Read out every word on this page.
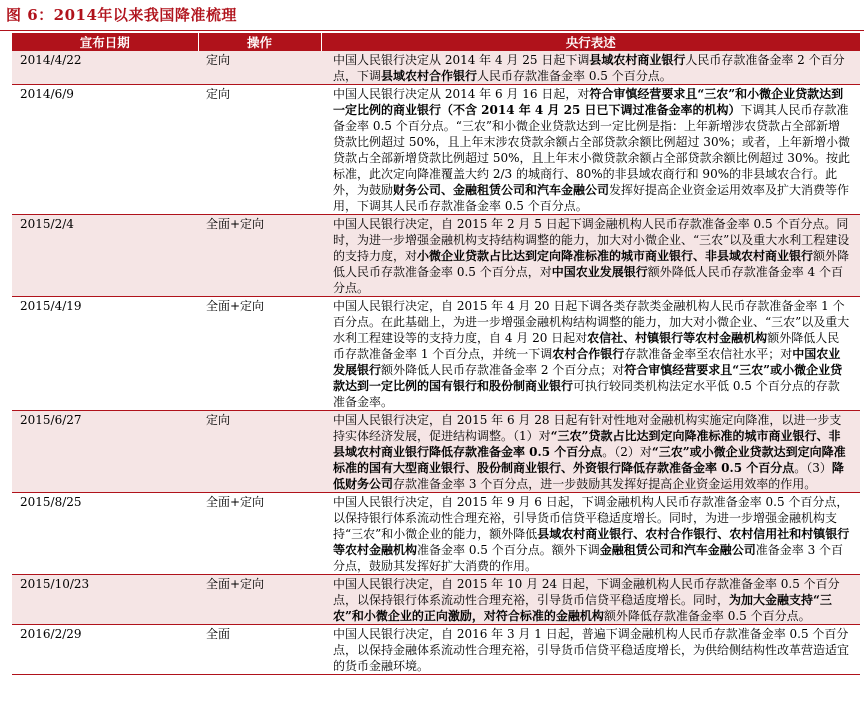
图 6：2014年以来我国降准梳理
宣布日期	操作	央行表述
2014/4/22	定向	中国人民银行决定从 2014 年 4 月 25 日起下调县域农村商业银行人民币存款准备金率 2 个百分点，下调县域农村合作银行人民币存款准备金率 0.5 个百分点。
2014/6/9	定向	中国人民银行决定从 2014 年 6 月 16 日起，对符合审慎经营要求且“三农”和小微企业贷款达到一定比例的商业银行（不含 2014 年 4 月 25 日已下调过准备金率的机构）下调其人民币存款准备金率 0.5 个百分点。“三农”和小微企业贷款达到一定比例是指：上年新增涉农贷款占全部新增贷款比例超过 50%，且上年末涉农贷款余额占全部贷款余额比例超过 30%；或者，上年新增小微贷款占全部新增贷款比例超过 50%，且上年末小微贷款余额占全部贷款余额比例超过 30%。按此标准，此次定向降准覆盖大约 2/3 的城商行、80%的非县域农商行和 90%的非县域农合行。此外，为鼓励财务公司、金融租赁公司和汽车金融公司发挥好提高企业资金运用效率及扩大消费等作用，下调其人民币存款准备金率 0.5 个百分点。
2015/2/4	全面+定向	中国人民银行决定，自 2015 年 2 月 5 日起下调金融机构人民币存款准备金率 0.5 个百分点。同时，为进一步增强金融机构支持结构调整的能力，加大对小微企业、“三农”以及重大水利工程建设的支持力度，对小微企业贷款占比达到定向降准标准的城市商业银行、非县域农村商业银行额外降低人民币存款准备金率 0.5 个百分点，对中国农业发展银行额外降低人民币存款准备金率 4 个百分点。
2015/4/19	全面+定向	中国人民银行决定，自 2015 年 4 月 20 日起下调各类存款类金融机构人民币存款准备金率 1 个百分点。在此基础上，为进一步增强金融机构结构调整的能力，加大对小微企业、“三农”以及重大水利工程建设等的支持力度，自 4 月 20 日起对农信社、村镇银行等农村金融机构额外降低人民币存款准备金率 1 个百分点，并统一下调农村合作银行存款准备金率至农信社水平；对中国农业发展银行额外降低人民币存款准备金率 2 个百分点；对符合审慎经营要求且“三农”或小微企业贷款达到一定比例的国有银行和股份制商业银行可执行较同类机构法定水平低 0.5 个百分点的存款准备金率。
2015/6/27	定向	中国人民银行决定，自 2015 年 6 月 28 日起有针对性地对金融机构实施定向降准，以进一步支持实体经济发展，促进结构调整。（1）对“三农”贷款占比达到定向降准标准的城市商业银行、非县域农村商业银行降低存款准备金率 0.5 个百分点。（2）对“三农”或小微企业贷款达到定向降准标准的国有大型商业银行、股份制商业银行、外资银行降低存款准备金率 0.5 个百分点。（3）降低财务公司存款准备金率 3 个百分点，进一步鼓励其发挥好提高企业资金运用效率的作用。
2015/8/25	全面+定向	中国人民银行决定，自 2015 年 9 月 6 日起，下调金融机构人民币存款准备金率 0.5 个百分点，以保持银行体系流动性合理充裕，引导货币信贷平稳适度增长。同时，为进一步增强金融机构支持“三农”和小微企业的能力，额外降低县域农村商业银行、农村合作银行、农村信用社和村镇银行等农村金融机构准备金率 0.5 个百分点。额外下调金融租赁公司和汽车金融公司准备金率 3 个百分点，鼓励其发挥好扩大消费的作用。
2015/10/23	全面+定向	中国人民银行决定，自 2015 年 10 月 24 日起，下调金融机构人民币存款准备金率 0.5 个百分点，以保持银行体系流动性合理充裕，引导货币信贷平稳适度增长。同时，为加大金融支持“三农”和小微企业的正向激励，对符合标准的金融机构额外降低存款准备金率 0.5 个百分点。
2016/2/29	全面	中国人民银行决定，自 2016 年 3 月 1 日起，普遍下调金融机构人民币存款准备金率 0.5 个百分点，以保持金融体系流动性合理充裕，引导货币信贷平稳适度增长，为供给侧结构性改革营造适宜的货币金融环境。
